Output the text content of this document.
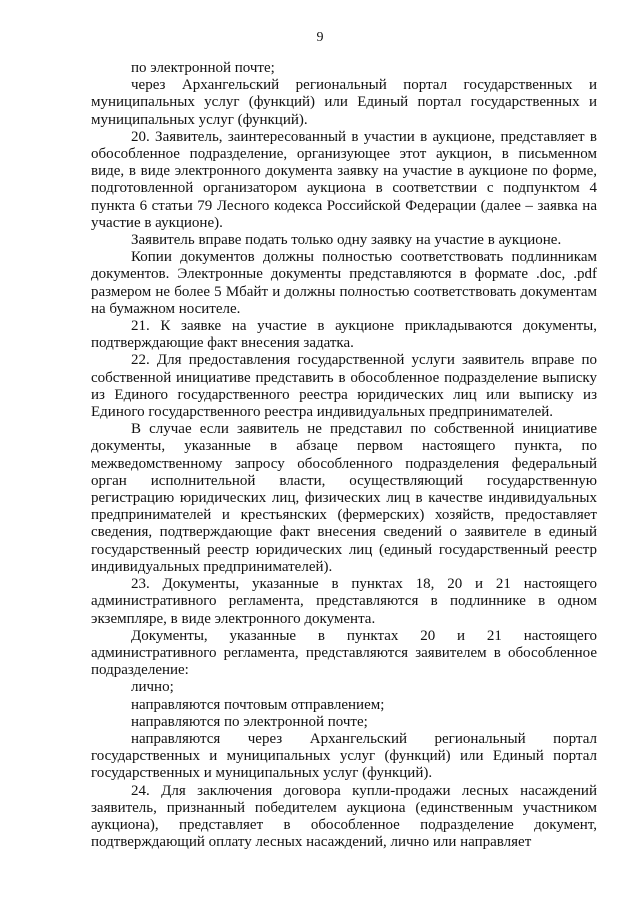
9

по электронной почте;

через Архангельский региональный портал государственных и муниципальных услуг (функций) или Единый портал государственных и муниципальных услуг (функций).

20. Заявитель, заинтересованный в участии в аукционе, представляет в обособленное подразделение, организующее этот аукцион, в письменном виде, в виде электронного документа заявку на участие в аукционе по форме, подготовленной организатором аукциона в соответствии с подпунктом 4 пункта 6 статьи 79 Лесного кодекса Российской Федерации (далее – заявка на участие в аукционе).

Заявитель вправе подать только одну заявку на участие в аукционе.

Копии документов должны полностью соответствовать подлинникам документов. Электронные документы представляются в формате .doc, .pdf размером не более 5 Мбайт и должны полностью соответствовать документам на бумажном носителе.

21. К заявке на участие в аукционе прикладываются документы, подтверждающие факт внесения задатка.

22. Для предоставления государственной услуги заявитель вправе по собственной инициативе представить в обособленное подразделение выписку из Единого государственного реестра юридических лиц или выписку из Единого государственного реестра индивидуальных предпринимателей.

В случае если заявитель не представил по собственной инициативе документы, указанные в абзаце первом настоящего пункта, по межведомственному запросу обособленного подразделения федеральный орган исполнительной власти, осуществляющий государственную регистрацию юридических лиц, физических лиц в качестве индивидуальных предпринимателей и крестьянских (фермерских) хозяйств, предоставляет сведения, подтверждающие факт внесения сведений о заявителе в единый государственный реестр юридических лиц (единый государственный реестр индивидуальных предпринимателей).

23. Документы, указанные в пунктах 18, 20 и 21 настоящего административного регламента, представляются в подлиннике в одном экземпляре, в виде электронного документа.

Документы, указанные в пунктах 20 и 21 настоящего административного регламента, представляются заявителем в обособленное подразделение:

лично;

направляются почтовым отправлением;

направляются по электронной почте;

направляются через Архангельский региональный портал государственных и муниципальных услуг (функций) или Единый портал государственных и муниципальных услуг (функций).

24. Для заключения договора купли-продажи лесных насаждений заявитель, признанный победителем аукциона (единственным участником аукциона), представляет в обособленное подразделение документ, подтверждающий оплату лесных насаждений, лично или направляет
